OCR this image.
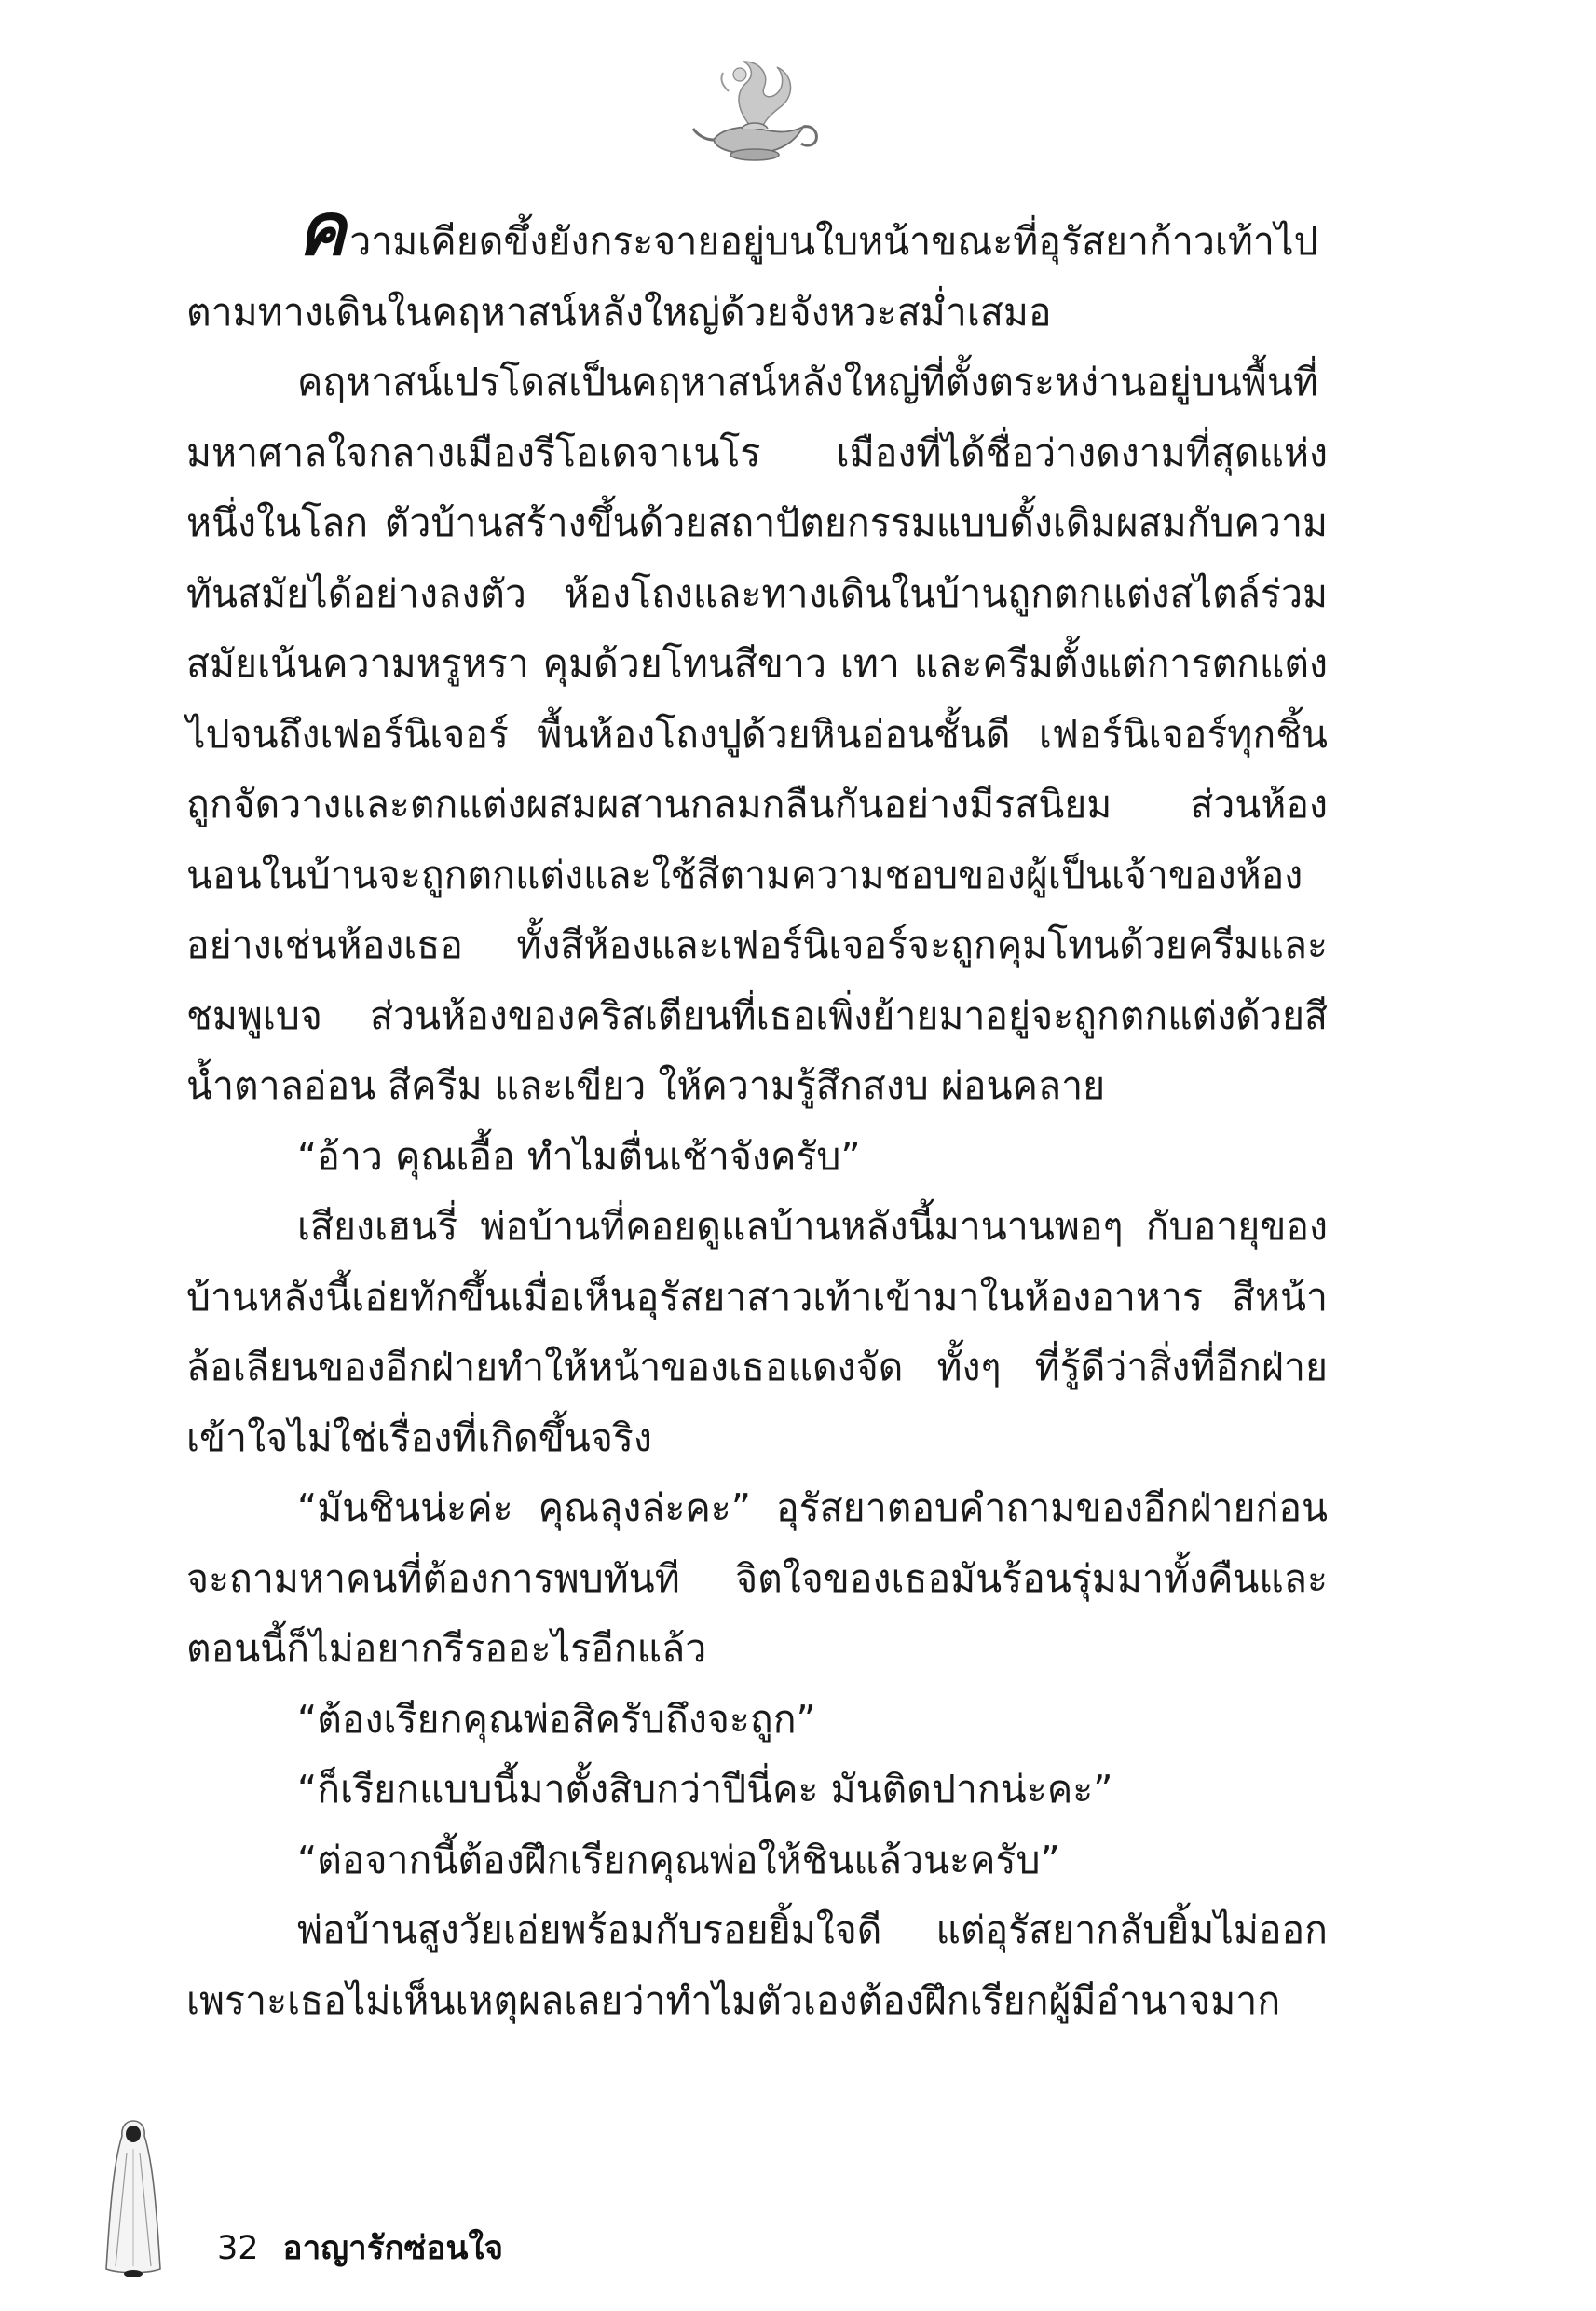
ความเคียดขึ้งยังกระจายอยู่บนใบหน้าขณะที่อุรัสยาก้าวเท้าไปตามทางเดินในคฤหาสน์หลังใหญ่ด้วยจังหวะสม่ำเสมอ

คฤหาสน์เปรโดสเป็นคฤหาสน์หลังใหญ่ที่ตั้งตระหง่านอยู่บนพื้นที่มหาศาลใจกลางเมืองรีโอเดจาเนโร เมืองที่ได้ชื่อว่างดงามที่สุดแห่งหนึ่งในโลก ตัวบ้านสร้างขึ้นด้วยสถาปัตยกรรมแบบดั้งเดิมผสมกับความทันสมัยได้อย่างลงตัว ห้องโถงและทางเดินในบ้านถูกตกแต่งสไตล์ร่วมสมัยเน้นความหรูหรา คุมด้วยโทนสีขาว เทา และครีมตั้งแต่การตกแต่งไปจนถึงเฟอร์นิเจอร์ พื้นห้องโถงปูด้วยหินอ่อนชั้นดี เฟอร์นิเจอร์ทุกชิ้นถูกจัดวางและตกแต่งผสมผสานกลมกลืนกันอย่างมีรสนิยม ส่วนห้องนอนในบ้านจะถูกตกแต่งและใช้สีตามความชอบของผู้เป็นเจ้าของห้อง อย่างเช่นห้องเธอ ทั้งสีห้องและเฟอร์นิเจอร์จะถูกคุมโทนด้วยครีมและชมพูเบจ ส่วนห้องของคริสเตียนที่เธอเพิ่งย้ายมาอยู่จะถูกตกแต่งด้วยสีน้ำตาลอ่อน สีครีม และเขียว ให้ความรู้สึกสงบ ผ่อนคลาย

“อ้าว คุณเอื้อ ทำไมตื่นเช้าจังครับ”

เสียงเฮนรี่ พ่อบ้านที่คอยดูแลบ้านหลังนี้มานานพอๆ กับอายุของบ้านหลังนี้เอ่ยทักขึ้นเมื่อเห็นอุรัสยาสาวเท้าเข้ามาในห้องอาหาร สีหน้าล้อเลียนของอีกฝ่ายทำให้หน้าของเธอแดงจัด ทั้งๆ ที่รู้ดีว่าสิ่งที่อีกฝ่ายเข้าใจไม่ใช่เรื่องที่เกิดขึ้นจริง

“มันชินน่ะค่ะ คุณลุงล่ะคะ” อุรัสยาตอบคำถามของอีกฝ่ายก่อนจะถามหาคนที่ต้องการพบทันที จิตใจของเธอมันร้อนรุ่มมาทั้งคืนและตอนนี้ก็ไม่อยากรีรออะไรอีกแล้ว

“ต้องเรียกคุณพ่อสิครับถึงจะถูก”

“ก็เรียกแบบนี้มาตั้งสิบกว่าปีนี่คะ มันติดปากน่ะคะ”

“ต่อจากนี้ต้องฝึกเรียกคุณพ่อให้ชินแล้วนะครับ”

พ่อบ้านสูงวัยเอ่ยพร้อมกับรอยยิ้มใจดี แต่อุรัสยากลับยิ้มไม่ออกเพราะเธอไม่เห็นเหตุผลเลยว่าทำไมตัวเองต้องฝึกเรียกผู้มีอำนาจมาก

32 อาญารักซ่อนใจ
